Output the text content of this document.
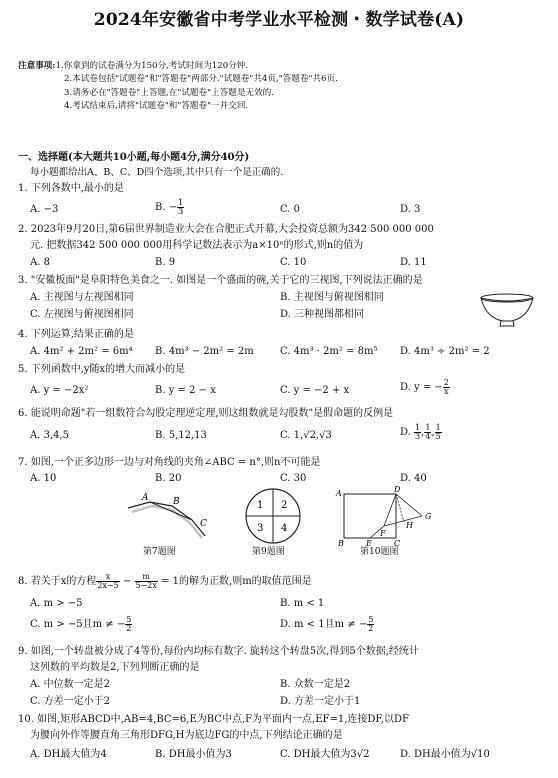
2024年安徽省中考学业水平检测・数学试卷(A)
注意事项:1.你拿到的试卷满分为150分,考试时间为120分钟.
2.本试卷包括"试题卷"和"答题卷"两部分."试题卷"共4页,"答题卷"共6页.
3.请务必在"答题卷"上答题,在"试题卷"上答题是无效的.
4.考试结束后,请将"试题卷"和"答题卷"一并交回.
一、选择题(本大题共10小题,每小题4分,满分40分)
每小题都给出A、B、C、D四个选项,其中只有一个是正确的.
1. 下列各数中,最小的是
A. −3	B. − $\frac{1}{3}$	C. 0	D. 3
2. 2023年9月20日,第6届世界制造业大会在合肥正式开幕,大会投资总额为342 500 000 000
元. 把数据342 500 000 000用科学记数法表示为a×10ⁿ的形式,则n的值为
A. 8	B. 9	C. 10	D. 11
3. "安徽板面"是阜阳特色美食之一. 如图是一个盛面的碗,关于它的三视图,下列说法正确的是
A. 主视图与左视图相同	B. 主视图与俯视图相同
C. 左视图与俯视图相同	D. 三种视图都相同
4. 下列运算,结果正确的是
A. 4m² + 2m² = 6m⁴ B. 4m³ − 2m² = 2m	C. 4m³ · 2m² = 8m⁵ D. 4m³ ÷ 2m² = 2
5. 下列函数中,y随x的增大而减小的是
A. y = −2x²	B. y = 2 − x	C. y = −2 + x	D. y = − $\frac{2}{x}$
6. 能说明命题"若一组数符合勾股定理逆定理,则这组数就是勾股数"是假命题的反例是
A. 3,4,5	B. 5,12,13	C. 1,√2,√3	D. $\frac{1}{3}$ , $\frac{1}{4}$ , $\frac{1}{5}$
7. 如图,一个正多边形一边与对角线的夹角∠ABC = n°,则n不可能是
A. 10	B. 20	C. 30	D. 40
A	B
C
第7题图
1 2
3 4
第9题图
A	D
H
G
B	E	C
F
第10题图
8. 若关于x的方程 $\frac{x}{2x-5} - \frac{m}{5-2x} = 1$的解为正数,则m的取值范围是
A. m > −5	B. m < 1
C. m > −5且m ≠ − $\frac{5}{2}$	D. m < 1且m ≠ − $\frac{5}{2}$
9. 如图,一个转盘被分成了4等份,每份内均标有数字. 旋转这个转盘5次,得到5个数据,经统计
这列数的平均数是2,下列判断正确的是
A. 中位数一定是2	B. 众数一定是2
C. 方差一定小于2	D. 方差一定小于1
10. 如图,矩形ABCD中,AB=4,BC=6,E为BC中点,F为平面内一点,EF=1,连接DF,以DF
为腰向外作等腰直角三角形DFG,H为底边FG的中点,下列结论正确的是
A. DH最大值为4	B. DH最小值为3	C. DH最大值为3√2	D. DH最小值为√10
